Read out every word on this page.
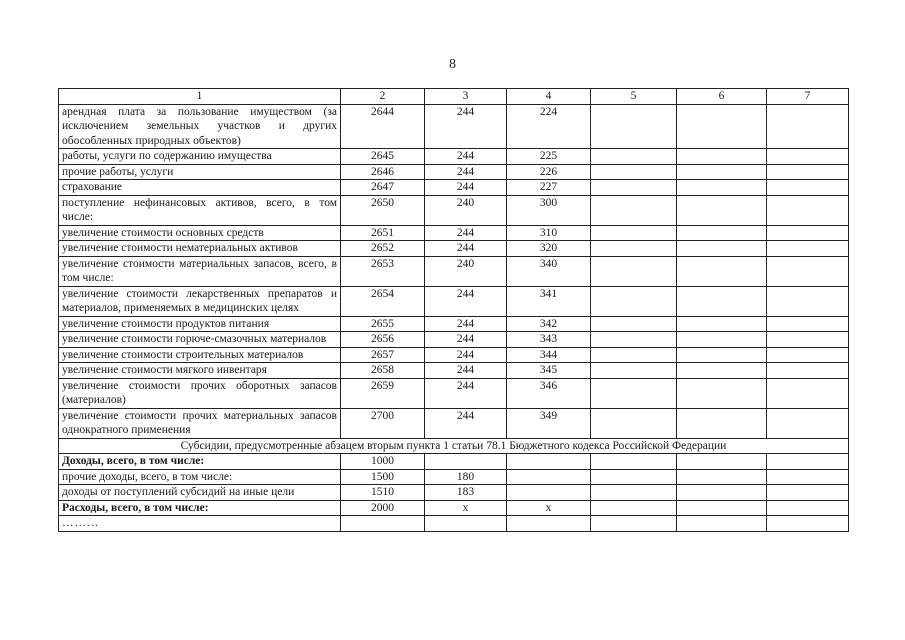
8
1	2	3	4	5	6	7
арендная плата за пользование имуществом (за исключением земельных участков и других обособленных природных объектов)	2644	244	224			
работы, услуги по содержанию имущества	2645	244	225			
прочие работы, услуги	2646	244	226			
страхование	2647	244	227			
поступление нефинансовых активов, всего, в том числе:	2650	240	300			
увеличение стоимости основных средств	2651	244	310			
увеличение стоимости нематериальных активов	2652	244	320			
увеличение стоимости материальных запасов, всего, в том числе:	2653	240	340			
увеличение стоимости лекарственных препаратов и материалов, применяемых в медицинских целях	2654	244	341			
увеличение стоимости продуктов питания	2655	244	342			
увеличение стоимости горюче-смазочных материалов	2656	244	343			
увеличение стоимости строительных материалов	2657	244	344			
увеличение стоимости мягкого инвентаря	2658	244	345			
увеличение стоимости прочих оборотных запасов (материалов)	2659	244	346			
увеличение стоимости прочих материальных запасов однократного применения	2700	244	349			
Субсидии, предусмотренные абзацем вторым пункта 1 статьи 78.1 Бюджетного кодекса Российской Федерации						
Доходы, всего, в том числе:	1000					
прочие доходы, всего, в том числе:	1500	180				
доходы от поступлений субсидий на иные цели	1510	183				
Расходы, всего, в том числе:	2000	х	х			
………						
